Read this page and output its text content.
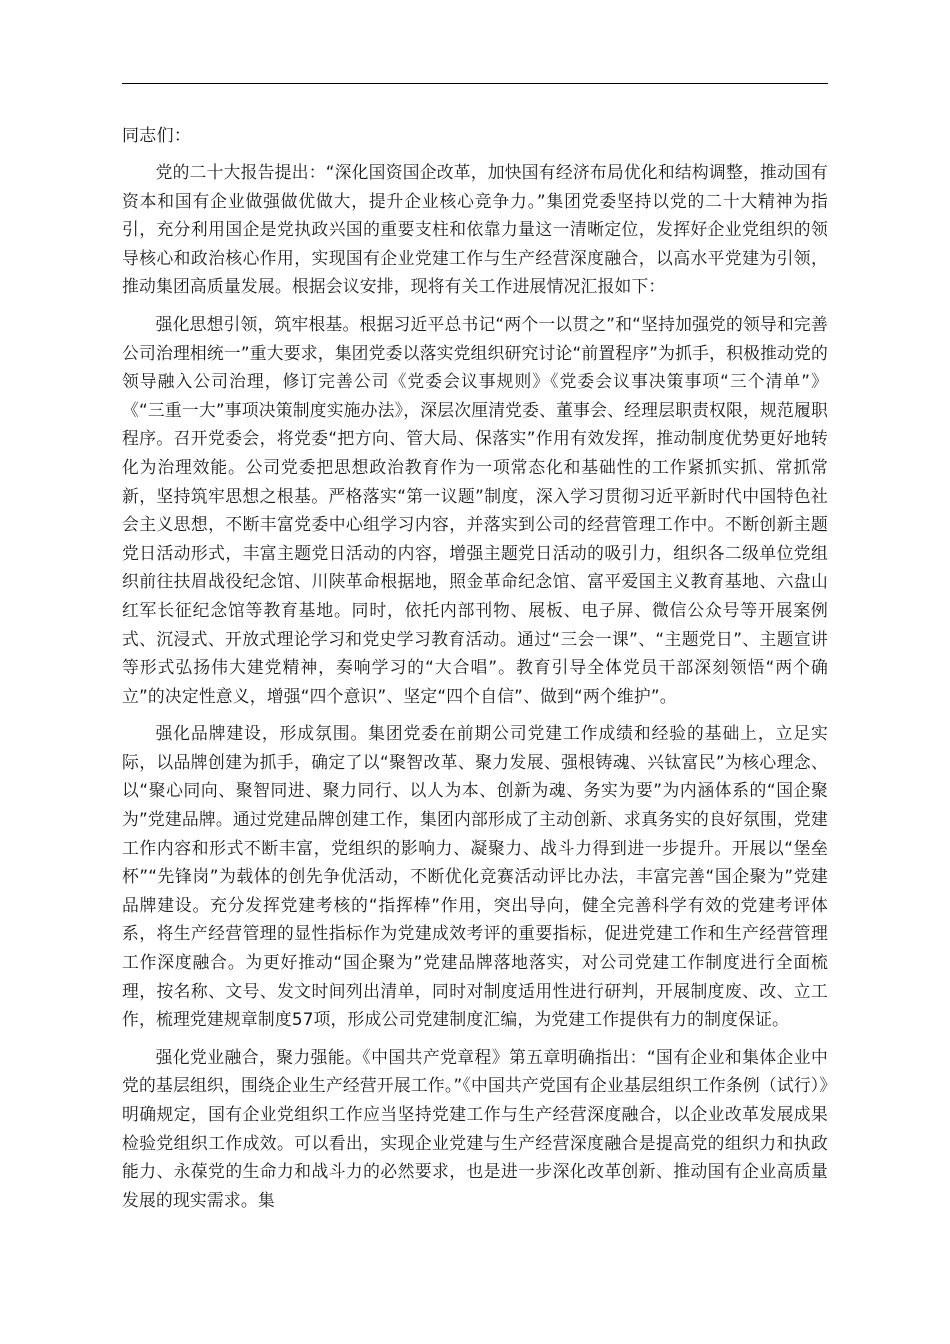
同志们：

党的二十大报告提出：“深化国资国企改革，加快国有经济布局优化和结构调整，推动国有资本和国有企业做强做优做大，提升企业核心竞争力。”集团党委坚持以党的二十大精神为指引，充分利用国企是党执政兴国的重要支柱和依靠力量这一清晰定位，发挥好企业党组织的领导核心和政治核心作用，实现国有企业党建工作与生产经营深度融合，以高水平党建为引领，推动集团高质量发展。根据会议安排，现将有关工作进展情况汇报如下：

强化思想引领，筑牢根基。根据习近平总书记“两个一以贯之”和“坚持加强党的领导和完善公司治理相统一”重大要求，集团党委以落实党组织研究讨论“前置程序”为抓手，积极推动党的领导融入公司治理，修订完善公司《党委会议事规则》《党委会议事决策事项“三个清单”》《“三重一大”事项决策制度实施办法》，深层次厘清党委、董事会、经理层职责权限，规范履职程序。召开党委会，将党委“把方向、管大局、保落实”作用有效发挥，推动制度优势更好地转化为治理效能。公司党委把思想政治教育作为一项常态化和基础性的工作紧抓实抓、常抓常新，坚持筑牢思想之根基。严格落实“第一议题”制度，深入学习贯彻习近平新时代中国特色社会主义思想，不断丰富党委中心组学习内容，并落实到公司的经营管理工作中。不断创新主题党日活动形式，丰富主题党日活动的内容，增强主题党日活动的吸引力，组织各二级单位党组织前往扶眉战役纪念馆、川陕革命根据地，照金革命纪念馆、富平爱国主义教育基地、六盘山红军长征纪念馆等教育基地。同时，依托内部刊物、展板、电子屏、微信公众号等开展案例式、沉浸式、开放式理论学习和党史学习教育活动。通过“三会一课”、“主题党日”、主题宣讲等形式弘扬伟大建党精神，奏响学习的“大合唱”。教育引导全体党员干部深刻领悟“两个确立”的决定性意义，增强“四个意识”、坚定“四个自信”、做到“两个维护”。

强化品牌建设，形成氛围。集团党委在前期公司党建工作成绩和经验的基础上，立足实际，以品牌创建为抓手，确定了以“聚智改革、聚力发展、强根铸魂、兴钛富民”为核心理念、以“聚心同向、聚智同进、聚力同行、以人为本、创新为魂、务实为要”为内涵体系的“国企聚为”党建品牌。通过党建品牌创建工作，集团内部形成了主动创新、求真务实的良好氛围，党建工作内容和形式不断丰富，党组织的影响力、凝聚力、战斗力得到进一步提升。开展以“堡垒杯”“先锋岗”为载体的创先争优活动，不断优化竞赛活动评比办法，丰富完善“国企聚为”党建品牌建设。充分发挥党建考核的“指挥棒”作用，突出导向，健全完善科学有效的党建考评体系，将生产经营管理的显性指标作为党建成效考评的重要指标，促进党建工作和生产经营管理工作深度融合。为更好推动“国企聚为”党建品牌落地落实，对公司党建工作制度进行全面梳理，按名称、文号、发文时间列出清单，同时对制度适用性进行研判，开展制度废、改、立工作，梳理党建规章制度57项，形成公司党建制度汇编，为党建工作提供有力的制度保证。

强化党业融合，聚力强能。《中国共产党章程》第五章明确指出：“国有企业和集体企业中党的基层组织，围绕企业生产经营开展工作。”《中国共产党国有企业基层组织工作条例（试行）》明确规定，国有企业党组织工作应当坚持党建工作与生产经营深度融合，以企业改革发展成果检验党组织工作成效。可以看出，实现企业党建与生产经营深度融合是提高党的组织力和执政能力、永葆党的生命力和战斗力的必然要求，也是进一步深化改革创新、推动国有企业高质量发展的现实需求。集
